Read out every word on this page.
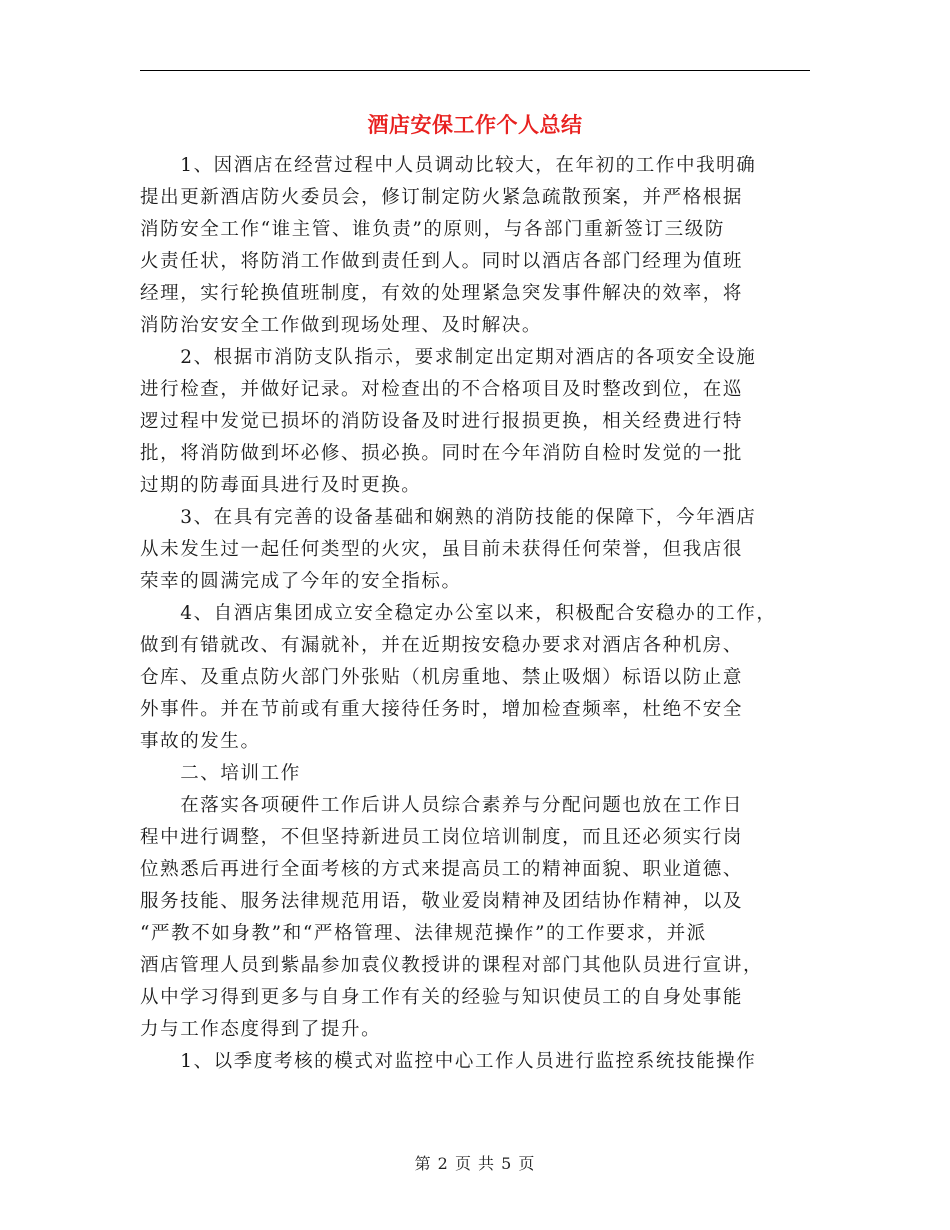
酒店安保工作个人总结
　　1、因酒店在经营过程中人员调动比较大，在年初的工作中我明确
提出更新酒店防火委员会，修订制定防火紧急疏散预案，并严格根据
消防安全工作“谁主管、谁负责”的原则，与各部门重新签订三级防
火责任状，将防消工作做到责任到人。同时以酒店各部门经理为值班
经理，实行轮换值班制度，有效的处理紧急突发事件解决的效率，将
消防治安安全工作做到现场处理、及时解决。
　　2、根据市消防支队指示，要求制定出定期对酒店的各项安全设施
进行检查，并做好记录。对检查出的不合格项目及时整改到位，在巡
逻过程中发觉已损坏的消防设备及时进行报损更换，相关经费进行特
批，将消防做到坏必修、损必换。同时在今年消防自检时发觉的一批
过期的防毒面具进行及时更换。
　　3、在具有完善的设备基础和娴熟的消防技能的保障下，今年酒店
从未发生过一起任何类型的火灾，虽目前未获得任何荣誉，但我店很
荣幸的圆满完成了今年的安全指标。
　　4、自酒店集团成立安全稳定办公室以来，积极配合安稳办的工作，
做到有错就改、有漏就补，并在近期按安稳办要求对酒店各种机房、
仓库、及重点防火部门外张贴（机房重地、禁止吸烟）标语以防止意
外事件。并在节前或有重大接待任务时，增加检查频率，杜绝不安全
事故的发生。
　　二、培训工作
　　在落实各项硬件工作后讲人员综合素养与分配问题也放在工作日
程中进行调整，不但坚持新进员工岗位培训制度，而且还必须实行岗
位熟悉后再进行全面考核的方式来提高员工的精神面貌、职业道德、
服务技能、服务法律规范用语，敬业爱岗精神及团结协作精神，以及
“严教不如身教”和“严格管理、法律规范操作”的工作要求，并派
酒店管理人员到紫晶参加袁仪教授讲的课程对部门其他队员进行宣讲，
从中学习得到更多与自身工作有关的经验与知识使员工的自身处事能
力与工作态度得到了提升。
　　1、以季度考核的模式对监控中心工作人员进行监控系统技能操作
第 2 页 共 5 页
